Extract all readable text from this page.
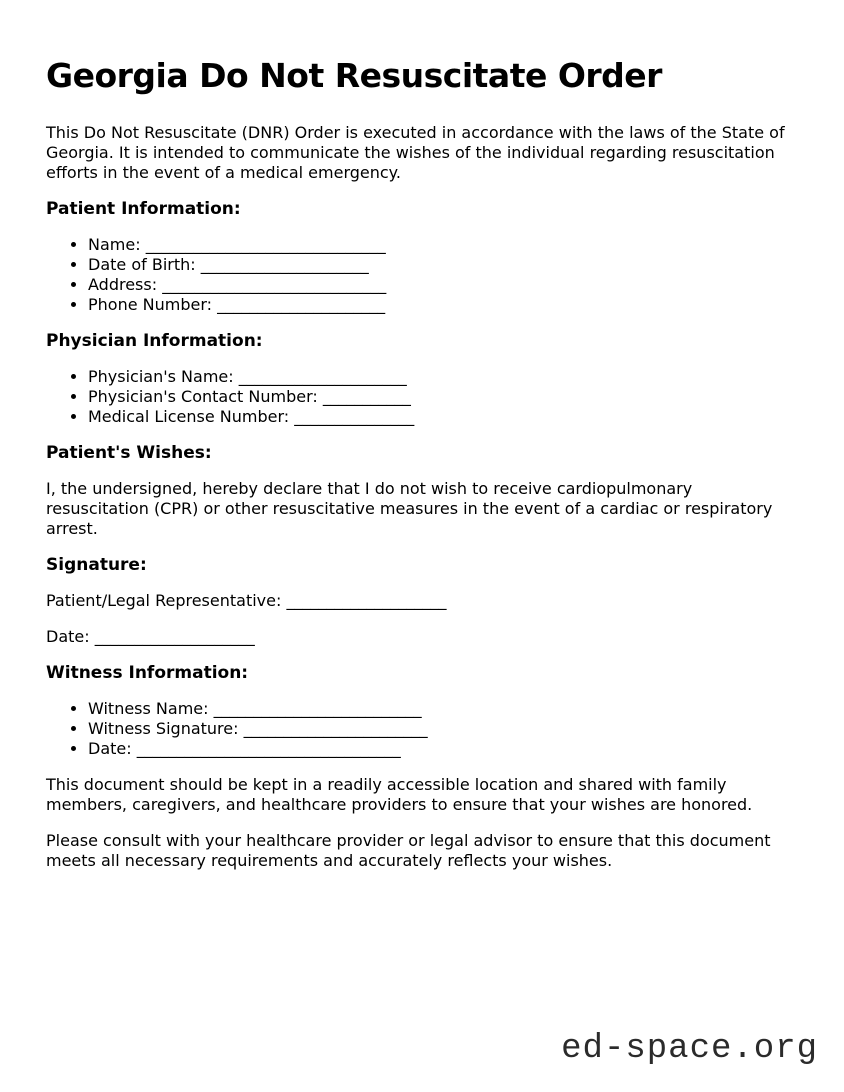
Georgia Do Not Resuscitate Order

This Do Not Resuscitate (DNR) Order is executed in accordance with the laws of the State of Georgia. It is intended to communicate the wishes of the individual regarding resuscitation efforts in the event of a medical emergency.

Patient Information:
• Name: ______________________________
• Date of Birth: _____________________
• Address: ____________________________
• Phone Number: _____________________
Physician Information:
• Physician's Name: _____________________
• Physician's Contact Number: ___________
• Medical License Number: _______________
Patient's Wishes:

I, the undersigned, hereby declare that I do not wish to receive cardiopulmonary resuscitation (CPR) or other resuscitative measures in the event of a cardiac or respiratory arrest.

Signature:

Patient/Legal Representative: ____________________

Date: ____________________

Witness Information:
• Witness Name: __________________________
• Witness Signature: _______________________
• Date: _________________________________

This document should be kept in a readily accessible location and shared with family members, caregivers, and healthcare providers to ensure that your wishes are honored.

Please consult with your healthcare provider or legal advisor to ensure that this document meets all necessary requirements and accurately reflects your wishes.

ed-space.org
